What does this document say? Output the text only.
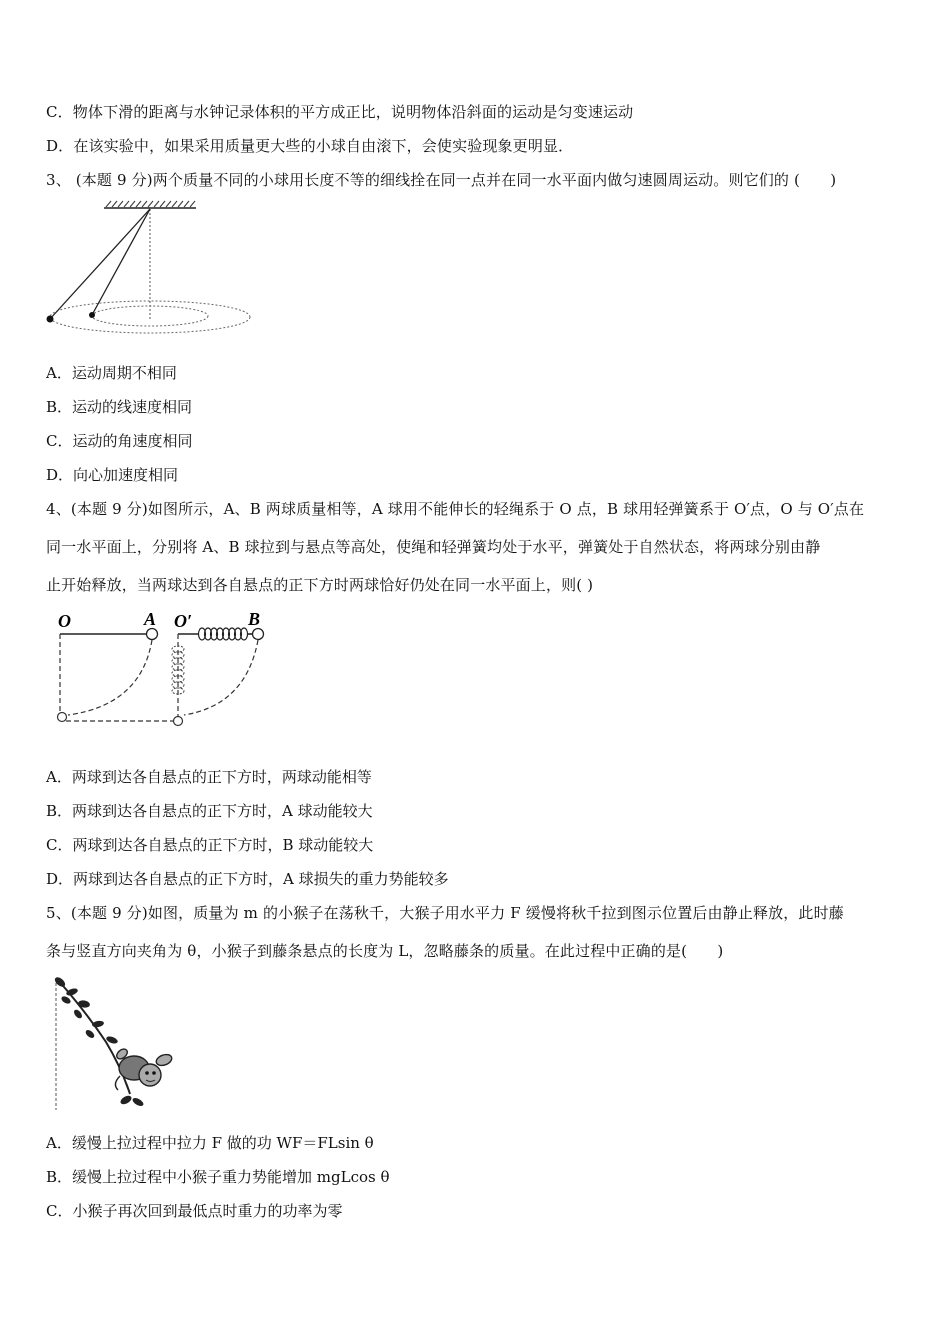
C．物体下滑的距离与水钟记录体积的平方成正比，说明物体沿斜面的运动是匀变速运动
D．在该实验中，如果采用质量更大些的小球自由滚下，会使实验现象更明显．
3、 (本题 9 分)两个质量不同的小球用长度不等的细线拴在同一点并在同一水平面内做匀速圆周运动。则它们的 (　　)
A．运动周期不相同
B．运动的线速度相同
C．运动的角速度相同
D．向心加速度相同
4、(本题 9 分)如图所示，A、B 两球质量相等，A 球用不能伸长的轻绳系于 O 点，B 球用轻弹簧系于 O′点，O 与 O′点在
同一水平面上，分别将 A、B 球拉到与悬点等高处，使绳和轻弹簧均处于水平，弹簧处于自然状态，将两球分别由静
止开始释放，当两球达到各自悬点的正下方时两球恰好仍处在同一水平面上，则( )
O	A O′	B
A．两球到达各自悬点的正下方时，两球动能相等
B．两球到达各自悬点的正下方时，A 球动能较大
C．两球到达各自悬点的正下方时，B 球动能较大
D．两球到达各自悬点的正下方时，A 球损失的重力势能较多
5、(本题 9 分)如图，质量为 m 的小猴子在荡秋千，大猴子用水平力 F 缓慢将秋千拉到图示位置后由静止释放，此时藤
条与竖直方向夹角为 θ，小猴子到藤条悬点的长度为 L，忽略藤条的质量。在此过程中正确的是(　　)
A．缓慢上拉过程中拉力 F 做的功 WF＝FLsin θ
B．缓慢上拉过程中小猴子重力势能增加 mgLcos θ
C．小猴子再次回到最低点时重力的功率为零
